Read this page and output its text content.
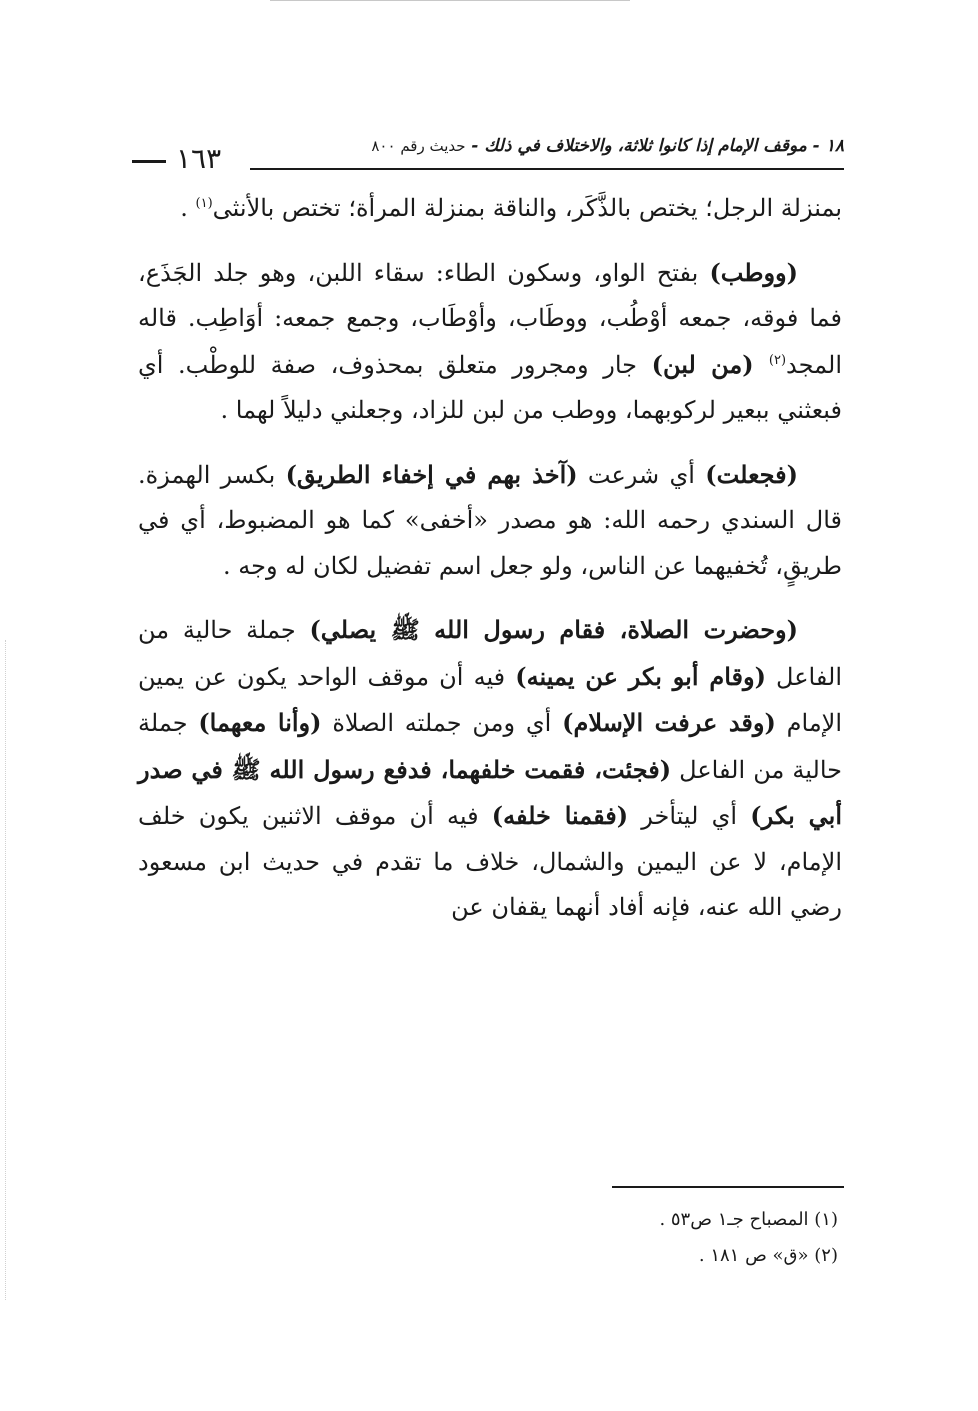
١٨ - موقف الإمام إذا كانوا ثلاثة، والاختلاف في ذلك - حديث رقم ٨٠٠
١٦٣

بمنزلة الرجل؛ يختص بالذَّكَر، والناقة بمنزلة المرأة؛ تختص بالأنثى$^{(١)}$ .

(ووطب) بفتح الواو، وسكون الطاء: سقاء اللبن، وهو جلد الجَذَع، فما فوقه، جمعه أوْطُب، ووطَاب، وأوْطَاب، وجمع جمعه: أوَاطِب. قاله المجد$^{(٢)}$ (من لبن) جار ومجرور متعلق بمحذوف، صفة للوطْب. أي فبعثني ببعير لركوبهما، ووطب من لبن للزاد، وجعلني دليلاً لهما .

(فجعلت) أي شرعت (آخذ بهم في إخفاء الطريق) بكسر الهمزة. قال السندي رحمه الله: هو مصدر «أخفى» كما هو المضبوط، أي في طريقٍ، تُخفيهما عن الناس، ولو جعل اسم تفضيل لكان له وجه .

(وحضرت الصلاة، فقام رسول الله ﷺ يصلي) جملة حالية من الفاعل (وقام أبو بكر عن يمينه) فيه أن موقف الواحد يكون عن يمين الإمام (وقد عرفت الإسلام) أي ومن جملته الصلاة (وأنا معهما) جملة حالية من الفاعل (فجئت، فقمت خلفهما، فدفع رسول الله ﷺ في صدر أبي بكر) أي ليتأخر (فقمنا خلفه) فيه أن موقف الاثنين يكون خلف الإمام، لا عن اليمين والشمال، خلاف ما تقدم في حديث ابن مسعود رضي الله عنه، فإنه أفاد أنهما يقفان عن

(١) المصباح جـ١ ص٥٣ .
(٢) «ق» ص ١٨١ .
